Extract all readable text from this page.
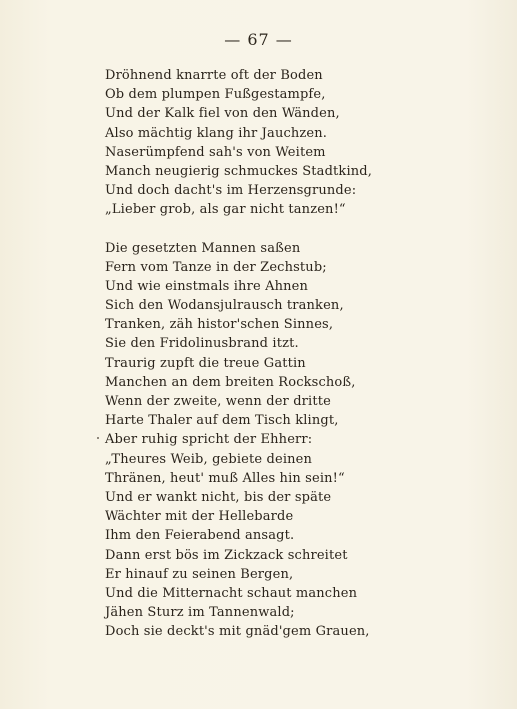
— 67 —
Dröhnend knarrte oft der Boden
Ob dem plumpen Fußgestampfe,
Und der Kalk fiel von den Wänden,
Also mächtig klang ihr Jauchzen.
Naserümpfend sah's von Weitem
Manch neugierig schmuckes Stadtkind,
Und doch dacht's im Herzensgrunde:
„Lieber grob, als gar nicht tanzen!“
Die gesetzten Mannen saßen
Fern vom Tanze in der Zechstub;
Und wie einstmals ihre Ahnen
Sich den Wodansjulrausch tranken,
Tranken, zäh histor'schen Sinnes,
Sie den Fridolinusbrand itzt.
Traurig zupft die treue Gattin
Manchen an dem breiten Rockschoß,
Wenn der zweite, wenn der dritte
Harte Thaler auf dem Tisch klingt,
Aber ruhig spricht der Ehherr:
„Theures Weib, gebiete deinen
Thränen, heut' muß Alles hin sein!“
Und er wankt nicht, bis der späte
Wächter mit der Hellebarde
Ihm den Feierabend ansagt.
Dann erst bös im Zickzack schreitet
Er hinauf zu seinen Bergen,
Und die Mitternacht schaut manchen
Jähen Sturz im Tannenwald;
Doch sie deckt's mit gnäd'gem Grauen,
